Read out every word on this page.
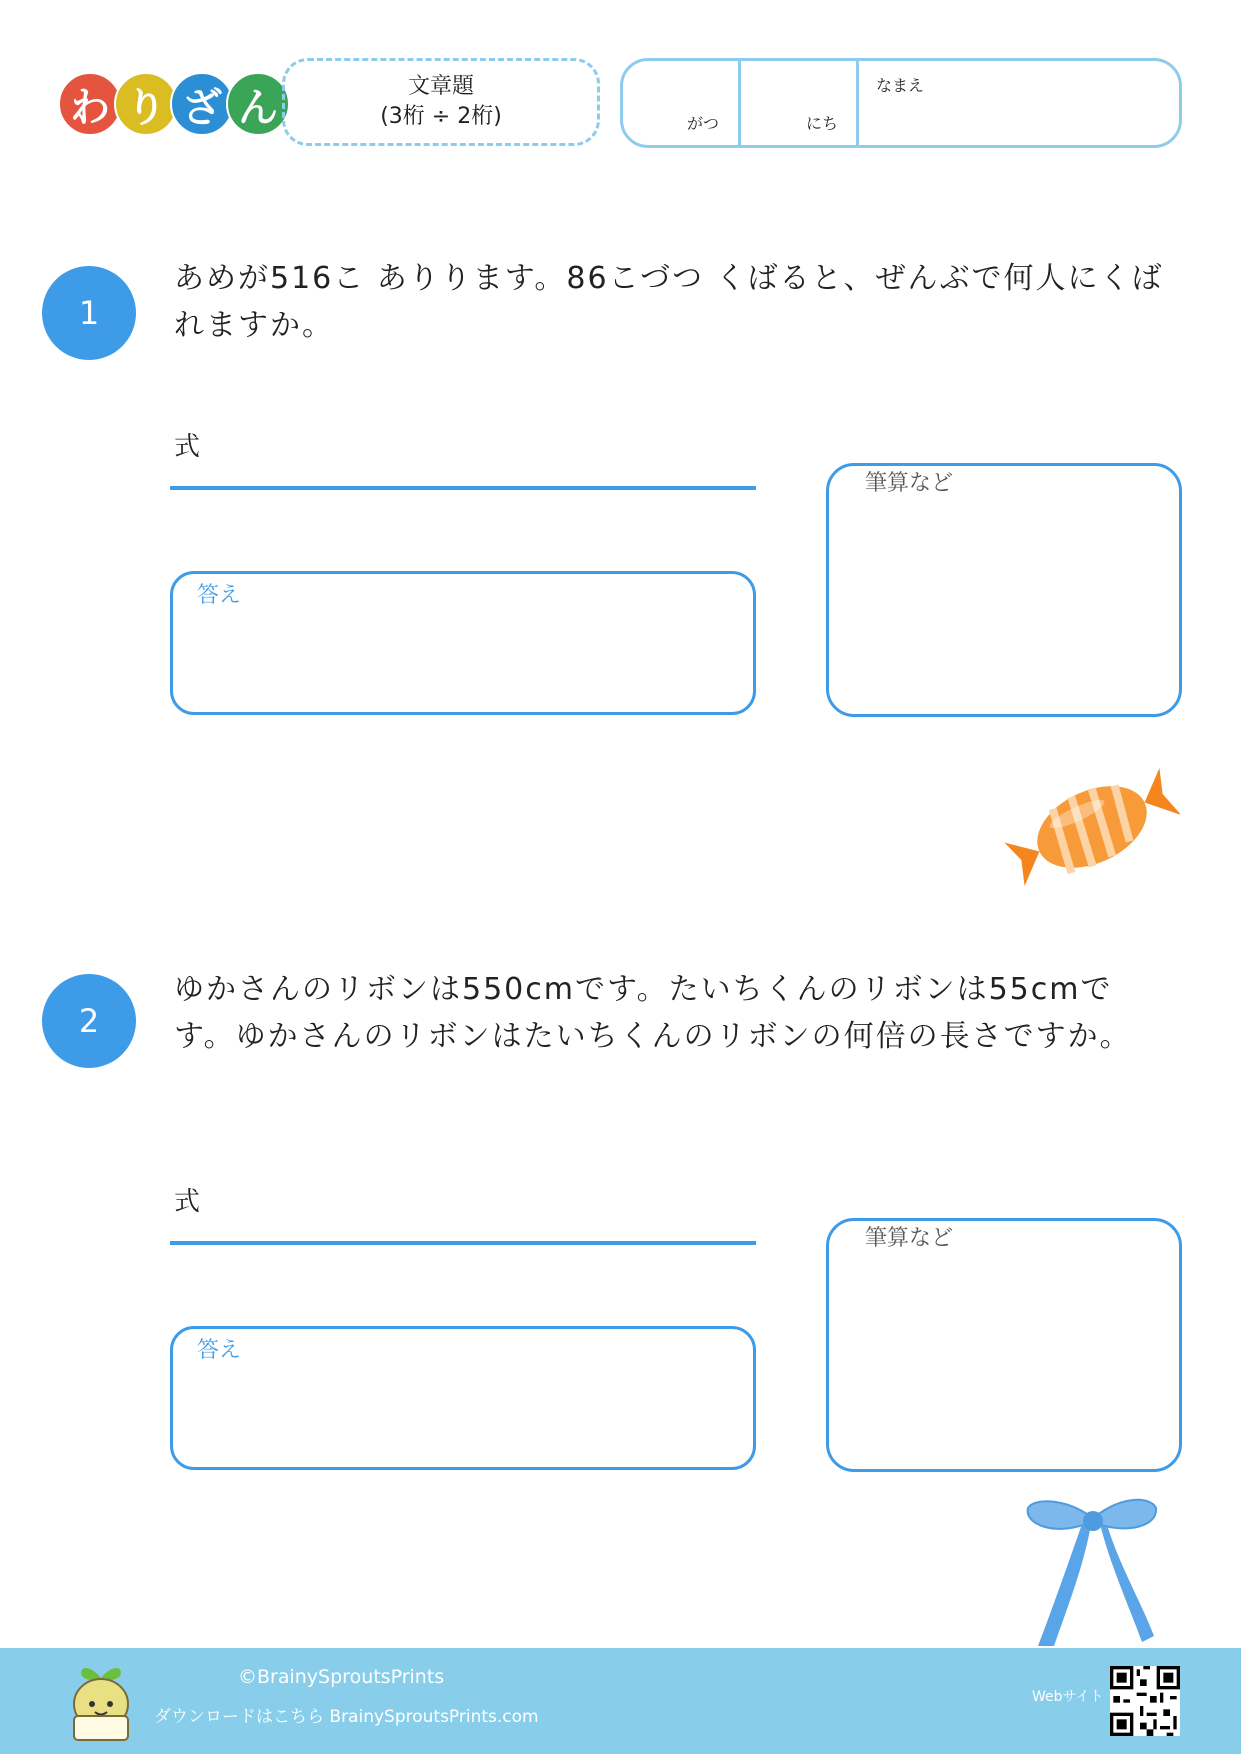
わ り ざ ん	文章題
(3桁 ÷ 2桁)	がつ	にち
なまえ
1
あめが516こ ありります。86こづつ くばると、ぜんぶで何人にくばれますか。
式
答え
筆算など
2
ゆかさんのリボンは550cmです。たいちくんのリボンは55cmです。ゆかさんのリボンはたいちくんのリボンの何倍の長さですか。
式
答え
筆算など
©BrainySproutsPrints
ダウンロードはこちら BrainySproutsPrints.com
Webサイト
